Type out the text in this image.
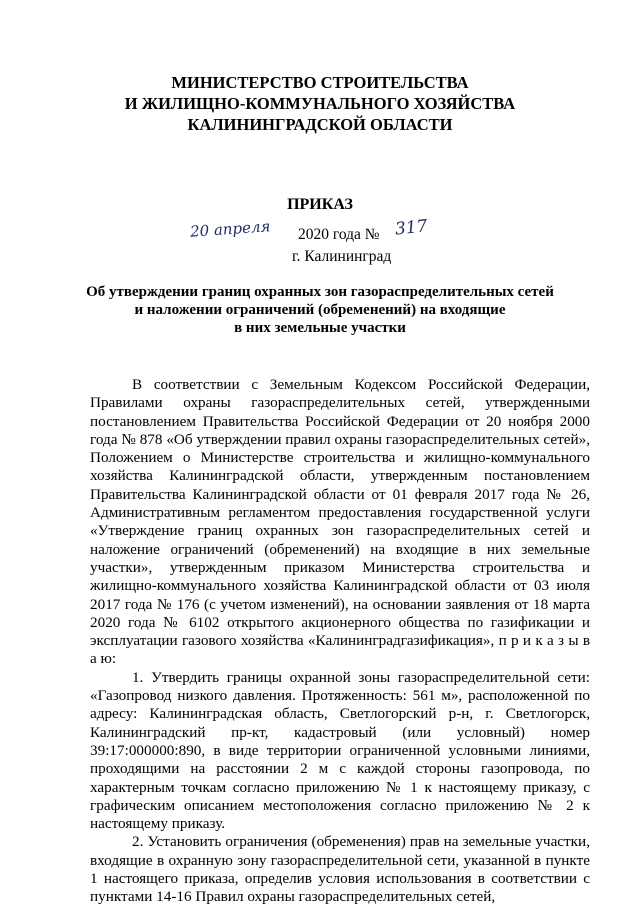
МИНИСТЕРСТВО СТРОИТЕЛЬСТВА
И ЖИЛИЩНО-КОММУНАЛЬНОГО ХОЗЯЙСТВА
КАЛИНИНГРАДСКОЙ ОБЛАСТИ
ПРИКАЗ
20 апреля 2020 года № 317
г. Калининград
Об утверждении границ охранных зон газораспределительных сетей
и наложении ограничений (обременений) на входящие
в них земельные участки

В соответствии с Земельным Кодексом Российской Федерации, Правилами охраны газораспределительных сетей, утвержденными постановлением Правительства Российской Федерации от 20 ноября 2000 года № 878 «Об утверждении правил охраны газораспределительных сетей», Положением о Министерстве строительства и жилищно-коммунального хозяйства Калининградской области, утвержденным постановлением Правительства Калининградской области от 01 февраля 2017 года № 26, Административным регламентом предоставления государственной услуги «Утверждение границ охранных зон газораспределительных сетей и наложение ограничений (обременений) на входящие в них земельные участки», утвержденным приказом Министерства строительства и жилищно-коммунального хозяйства Калининградской области от 03 июля 2017 года № 176 (с учетом изменений), на основании заявления от 18 марта 2020 года № 6102 открытого акционерного общества по газификации и эксплуатации газового хозяйства «Калининградгазификация», п р и к а з ы в а ю:

1. Утвердить границы охранной зоны газораспределительной сети: «Газопровод низкого давления. Протяженность: 561 м», расположенной по адресу: Калининградская область, Светлогорский р-н, г. Светлогорск, Калининградский пр-кт, кадастровый (или условный) номер 39:17:000000:890, в виде территории ограниченной условными линиями, проходящими на расстоянии 2 м с каждой стороны газопровода, по характерным точкам согласно приложению № 1 к настоящему приказу, с графическим описанием местоположения согласно приложению № 2 к настоящему приказу.

2. Установить ограничения (обременения) прав на земельные участки, входящие в охранную зону газораспределительной сети, указанной в пункте 1 настоящего приказа, определив условия использования в соответствии с пунктами 14-16 Правил охраны газораспределительных сетей,
